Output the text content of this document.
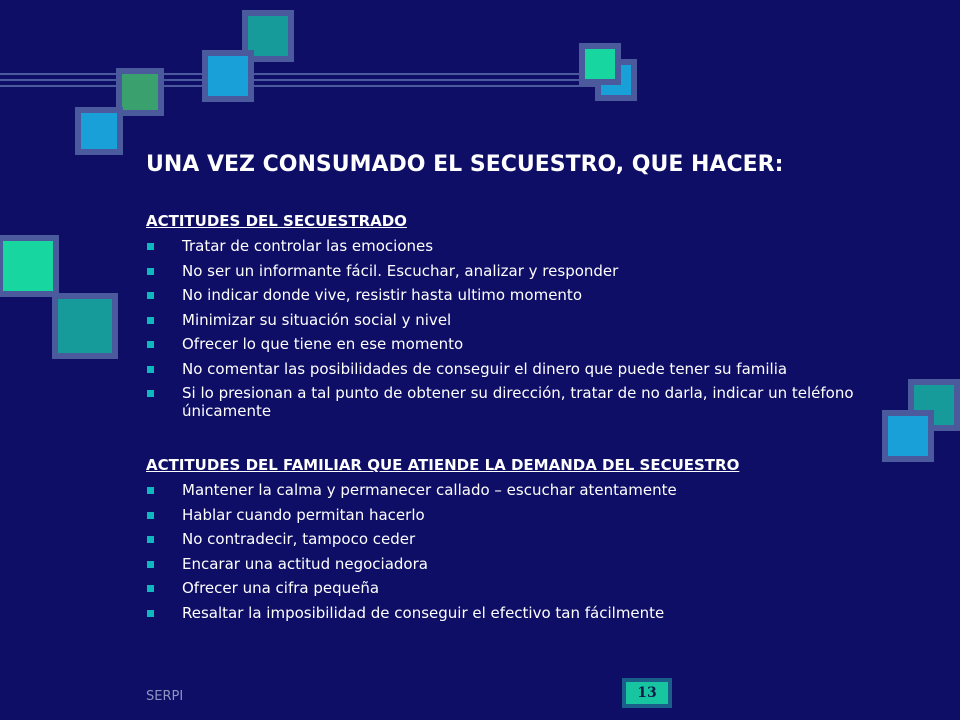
UNA VEZ CONSUMADO EL SECUESTRO, QUE HACER:
ACTITUDES DEL SECUESTRADO
Tratar de controlar las emociones
No ser un informante fácil. Escuchar, analizar y responder
No indicar donde vive, resistir hasta ultimo momento
Minimizar su situación social y nivel
Ofrecer lo que tiene en ese momento
No comentar las posibilidades de conseguir el dinero que puede tener su familia
Si lo presionan a tal punto de obtener su dirección, tratar de no darla, indicar un teléfono únicamente
ACTITUDES DEL FAMILIAR QUE ATIENDE LA DEMANDA DEL SECUESTRO
Mantener la calma y permanecer callado – escuchar atentamente
Hablar cuando permitan hacerlo
No contradecir, tampoco ceder
Encarar una actitud negociadora
Ofrecer una cifra pequeña
Resaltar la imposibilidad de conseguir el efectivo tan fácilmente
SERPI	13
